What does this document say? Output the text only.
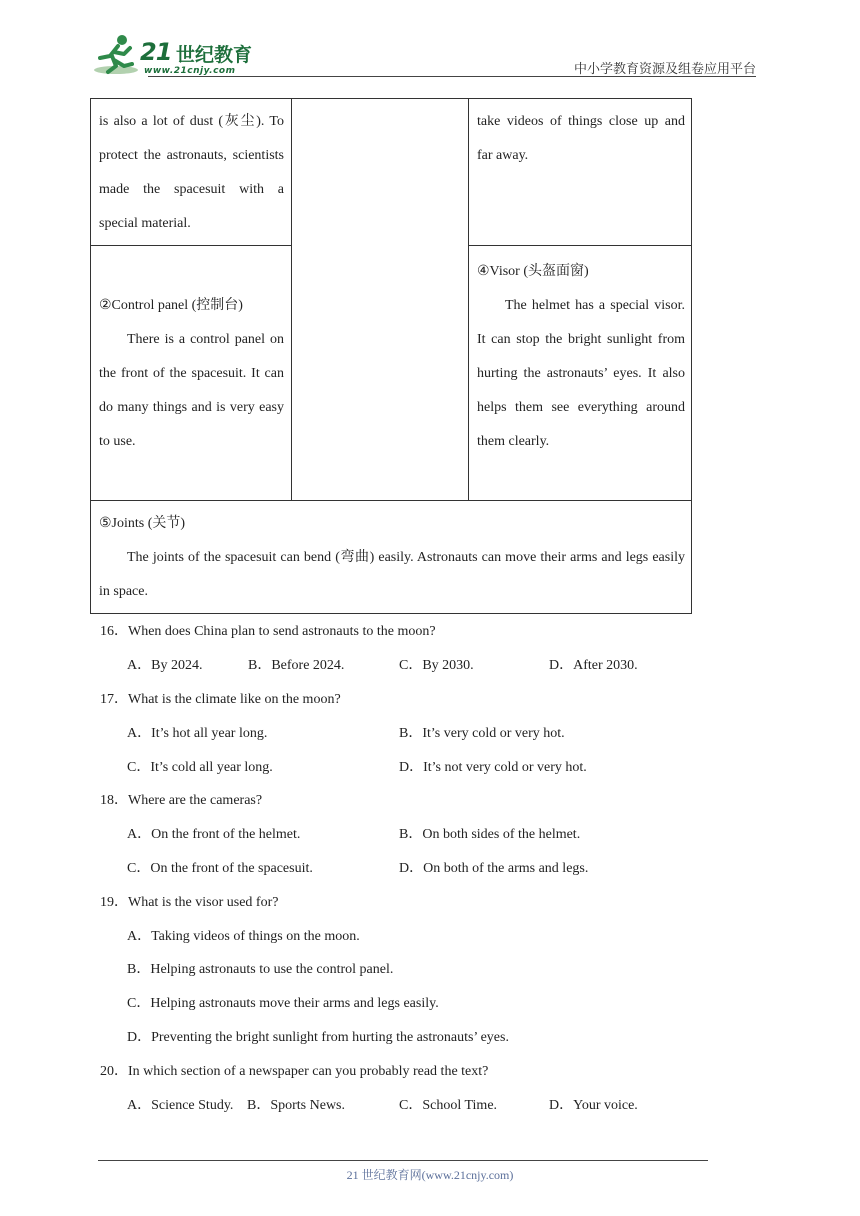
21 世纪教育
www.21cnjy.com	中小学教育资源及组卷应用平台
is also a lot of dust (灰尘). To protect the astronauts, scientists made the spacesuit with a special material.
take videos of things close up and far away.
②Control panel (控制台)
There is a control panel on the front of the spacesuit. It can do many things and is very easy to use.
④Visor (头盔面窗)
The helmet has a special visor. It can stop the bright sunlight from hurting the astronauts’ eyes. It also helps them see everything around them clearly.
⑤Joints (关节)
The joints of the spacesuit can bend (弯曲) easily. Astronauts can move their arms and legs easily in space.
16．When does China plan to send astronauts to the moon?
A．By 2024.	B．Before 2024.	C．By 2030.	D．After 2030.
17．What is the climate like on the moon?
A．It’s hot all year long.	B．It’s very cold or very hot.
C．It’s cold all year long.	D．It’s not very cold or very hot.
18．Where are the cameras?
A．On the front of the helmet.	B．On both sides of the helmet.
C．On the front of the spacesuit.	D．On both of the arms and legs.
19．What is the visor used for?
A．Taking videos of things on the moon.
B．Helping astronauts to use the control panel.
C．Helping astronauts move their arms and legs easily.
D．Preventing the bright sunlight from hurting the astronauts’ eyes.
20．In which section of a newspaper can you probably read the text?
A．Science Study. B．Sports News.	C．School Time.	D．Your voice.
21 世纪教育网(www.21cnjy.com)
